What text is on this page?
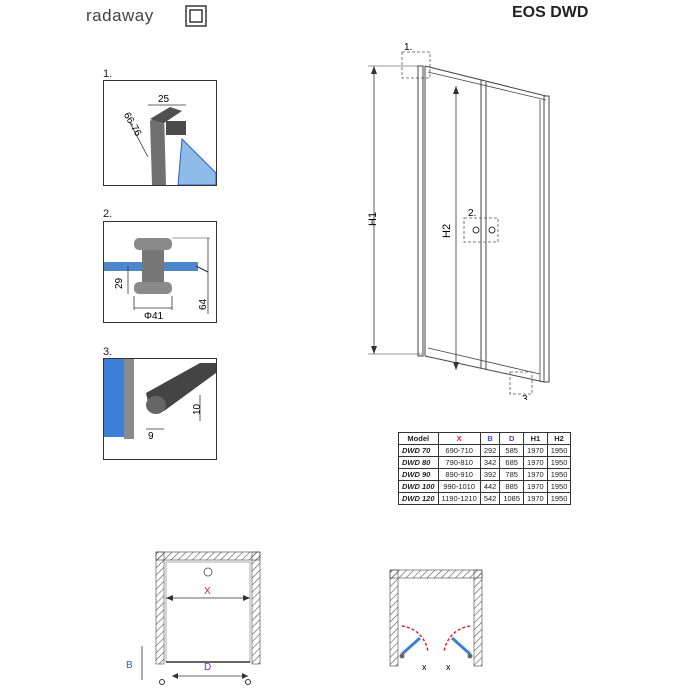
radaway	EOS DWD
1.
25
66-76
2.
Φ41
29
64
3.
10
9
1.
H1
H2
2.
3.
Model	X	B	D	H1	H2
DWD 70	690-710	292	585	1970	1950
DWD 80	790-810	342	685	1970	1950
DWD 90	890-910	392	785	1970	1950
DWD 100	990-1010	442	885	1970	1950
DWD 120	1190-1210	542	1085	1970	1950
X
D
B	x x
